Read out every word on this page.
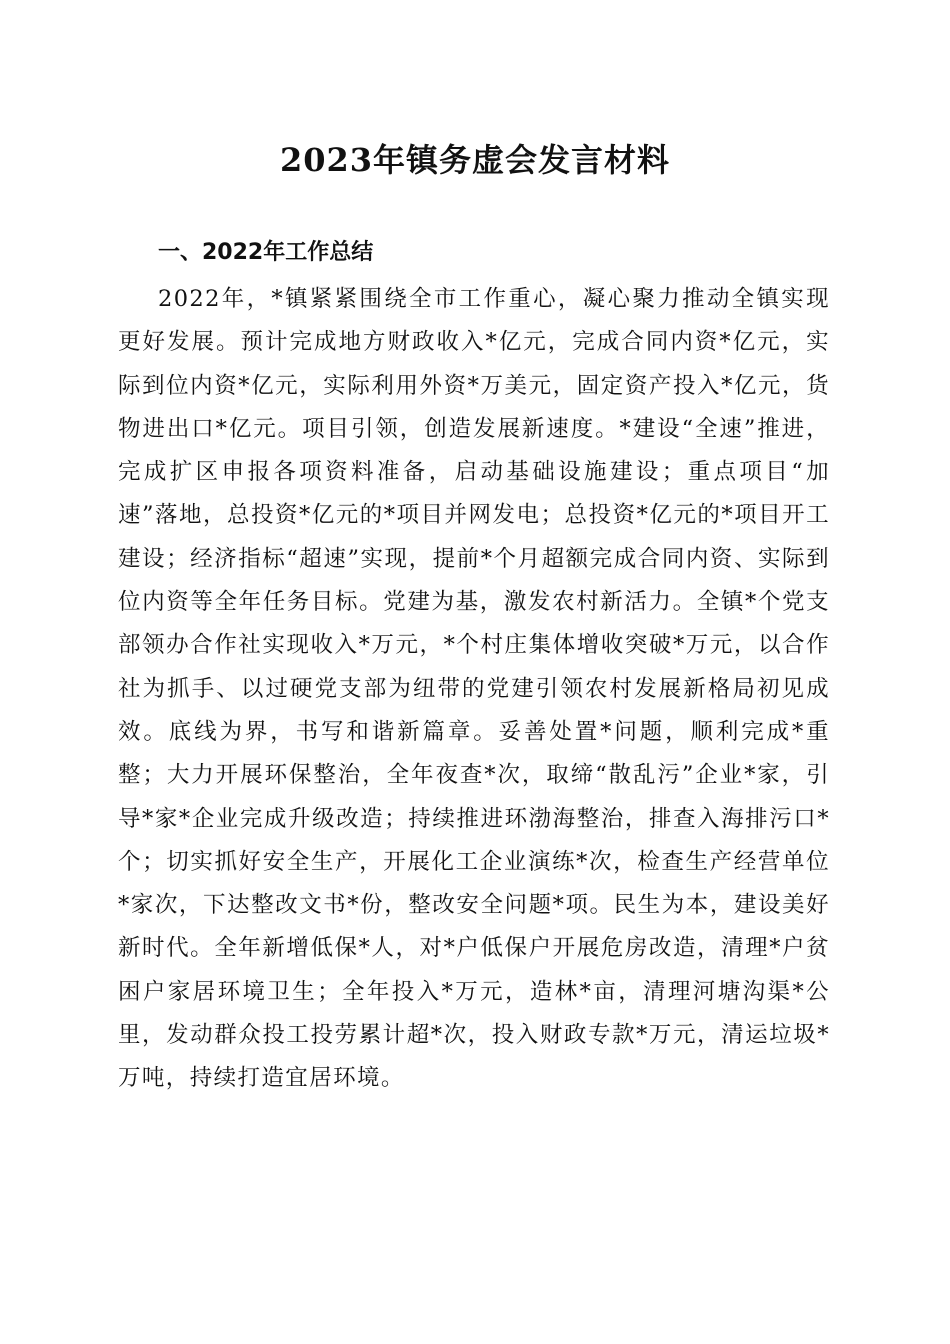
2023年镇务虚会发言材料
一、2022年工作总结

2022年，*镇紧紧围绕全市工作重心，凝心聚力推动全镇实现更好发展。预计完成地方财政收入*亿元，完成合同内资*亿元，实际到位内资*亿元，实际利用外资*万美元，固定资产投入*亿元，货物进出口*亿元。项目引领，创造发展新速度。*建设“全速”推进，完成扩区申报各项资料准备，启动基础设施建设；重点项目“加速”落地，总投资*亿元的*项目并网发电；总投资*亿元的*项目开工建设；经济指标“超速”实现，提前*个月超额完成合同内资、实际到位内资等全年任务目标。党建为基，激发农村新活力。全镇*个党支部领办合作社实现收入*万元，*个村庄集体增收突破*万元，以合作社为抓手、以过硬党支部为纽带的党建引领农村发展新格局初见成效。底线为界，书写和谐新篇章。妥善处置*问题，顺利完成*重整；大力开展环保整治，全年夜查*次，取缔“散乱污”企业*家，引导*家*企业完成升级改造；持续推进环渤海整治，排查入海排污口*个；切实抓好安全生产，开展化工企业演练*次，检查生产经营单位*家次，下达整改文书*份，整改安全问题*项。民生为本，建设美好新时代。全年新增低保*人，对*户低保户开展危房改造，清理*户贫困户家居环境卫生；全年投入*万元，造林*亩，清理河塘沟渠*公里，发动群众投工投劳累计超*次，投入财政专款*万元，清运垃圾*万吨，持续打造宜居环境。
